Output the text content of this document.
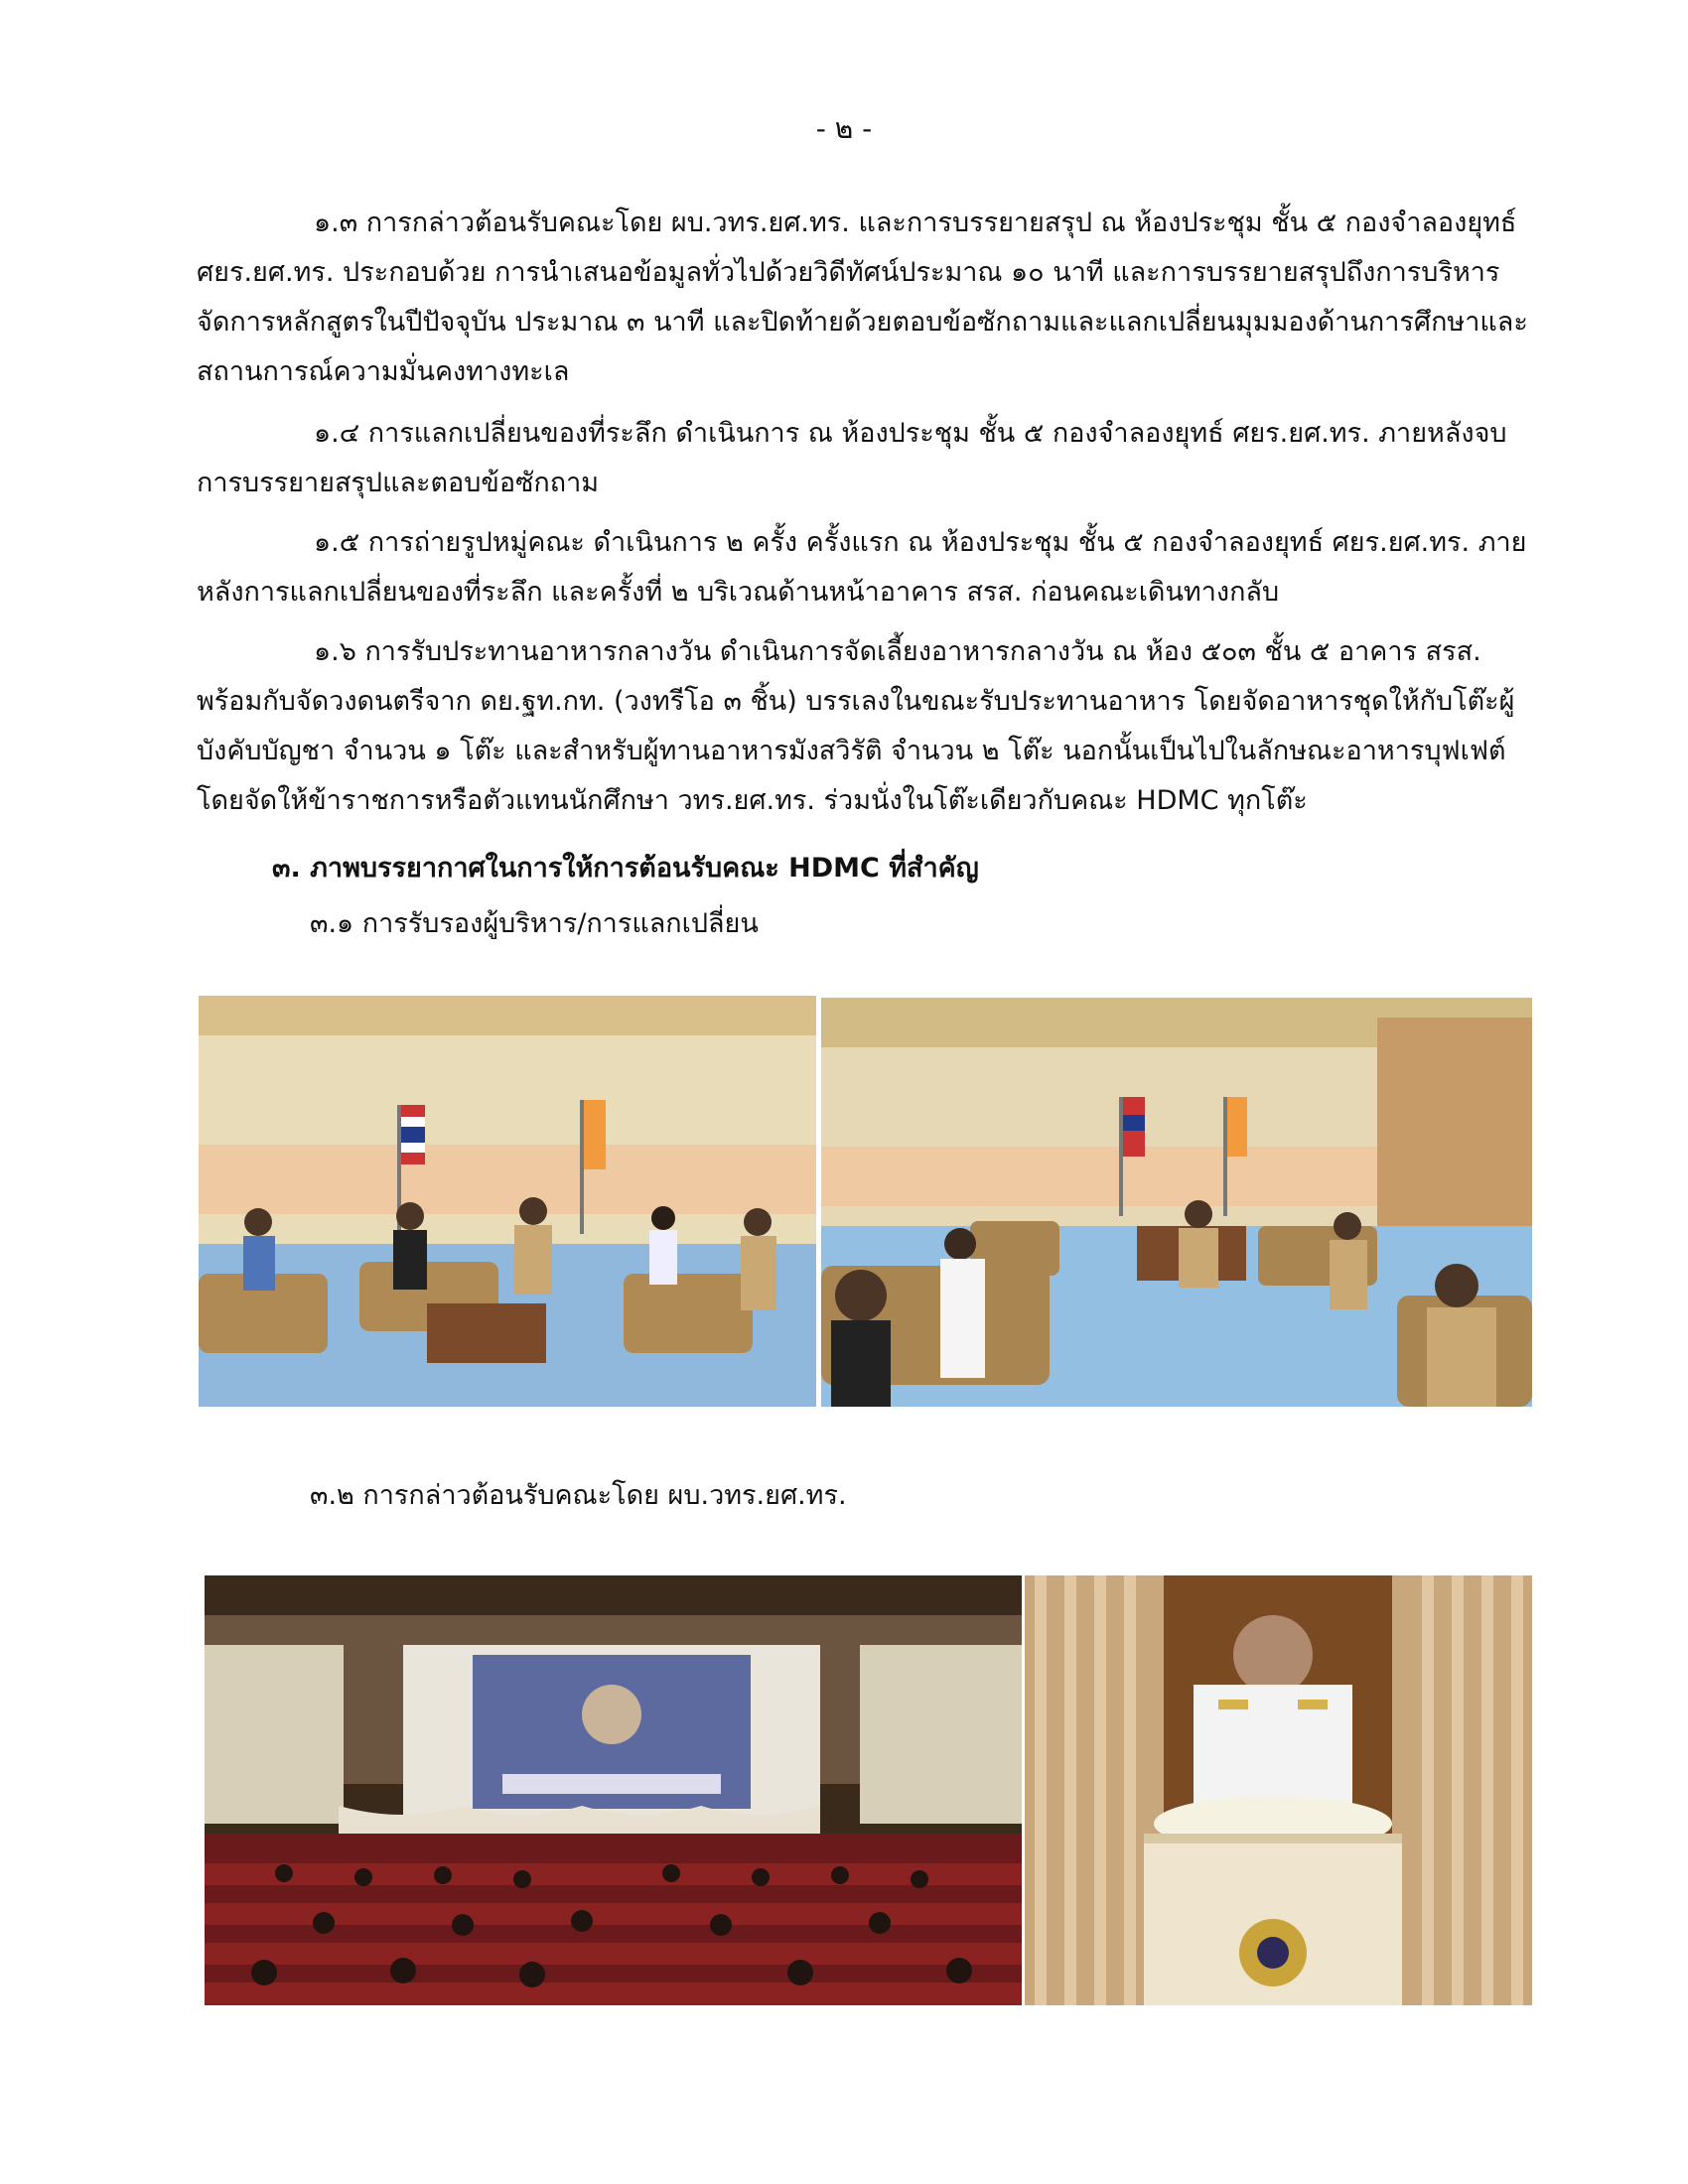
- ๒ -

๑.๓ การกล่าวต้อนรับคณะโดย ผบ.วทร.ยศ.ทร. และการบรรยายสรุป ณ ห้องประชุม ชั้น ๕ กองจำลองยุทธ์ ศยร.ยศ.ทร. ประกอบด้วย การนำเสนอข้อมูลทั่วไปด้วยวิดีทัศน์ประมาณ ๑๐ นาที และการบรรยายสรุปถึงการบริหารจัดการหลักสูตรในปีปัจจุบัน ประมาณ ๓ นาที และปิดท้ายด้วยตอบข้อซักถามและแลกเปลี่ยนมุมมองด้านการศึกษาและสถานการณ์ความมั่นคงทางทะเล

๑.๔ การแลกเปลี่ยนของที่ระลึก ดำเนินการ ณ ห้องประชุม ชั้น ๕ กองจำลองยุทธ์ ศยร.ยศ.ทร. ภายหลังจบการบรรยายสรุปและตอบข้อซักถาม

๑.๕ การถ่ายรูปหมู่คณะ ดำเนินการ ๒ ครั้ง ครั้งแรก ณ ห้องประชุม ชั้น ๕ กองจำลองยุทธ์ ศยร.ยศ.ทร. ภายหลังการแลกเปลี่ยนของที่ระลึก และครั้งที่ ๒ บริเวณด้านหน้าอาคาร สรส. ก่อนคณะเดินทางกลับ

๑.๖ การรับประทานอาหารกลางวัน ดำเนินการจัดเลี้ยงอาหารกลางวัน ณ ห้อง ๕๐๓ ชั้น ๕ อาคาร สรส. พร้อมกับจัดวงดนตรีจาก ดย.ฐท.กท. (วงทรีโอ ๓ ชิ้น) บรรเลงในขณะรับประทานอาหาร โดยจัดอาหารชุดให้กับโต๊ะผู้บังคับบัญชา จำนวน ๑ โต๊ะ และสำหรับผู้ทานอาหารมังสวิรัติ จำนวน ๒ โต๊ะ นอกนั้นเป็นไปในลักษณะอาหารบุฟเฟต์ โดยจัดให้ข้าราชการหรือตัวแทนนักศึกษา วทร.ยศ.ทร. ร่วมนั่งในโต๊ะเดียวกับคณะ HDMC ทุกโต๊ะ

๓. ภาพบรรยากาศในการให้การต้อนรับคณะ HDMC ที่สำคัญ
๓.๑ การรับรองผู้บริหาร/การแลกเปลี่ยน
๓.๒ การกล่าวต้อนรับคณะโดย ผบ.วทร.ยศ.ทร.
